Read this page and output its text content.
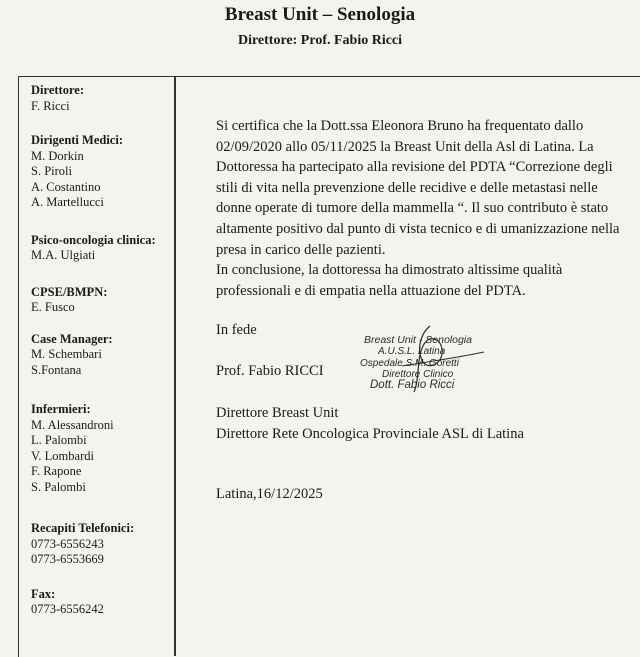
Breast Unit – Senologia
Direttore: Prof. Fabio Ricci
Direttore:
F. Ricci
Dirigenti Medici:
M. Dorkin
S. Piroli
A. Costantino
A. Martellucci
Psico-oncologia clinica:
M.A. Ulgiati
CPSE/BMPN:
E. Fusco
Case Manager:
M. Schembari
S.Fontana
Infermieri:
M. Alessandroni
L. Palombi
V. Lombardi
F. Rapone
S. Palombi
Recapiti Telefonici:
0773-6556243
0773-6553669
Fax:
0773-6556242
Si certifica che la Dott.ssa Eleonora Bruno ha frequentato dallo 02/09/2020 allo 05/11/2025 la Breast Unit della Asl di Latina. La Dottoressa ha partecipato alla revisione del PDTA “Correzione degli stili di vita nella prevenzione delle recidive e delle metastasi nelle donne operate di tumore della mammella “. Il suo contributo è stato altamente positivo dal punto di vista tecnico e di umanizzazione nella presa in carico delle pazienti.
In conclusione, la dottoressa ha dimostrato altissime qualità professionali e di empatia nella attuazione del PDTA.
In fede
Prof. Fabio RICCI
Direttore Breast Unit
Direttore Rete Oncologica Provinciale ASL di Latina
Latina,16/12/2025
Breast Unit - Senologia
A.U.S.L. Latina
Ospedale S.M. Goretti
Direttore Clinico
Dott. Fabio Ricci
